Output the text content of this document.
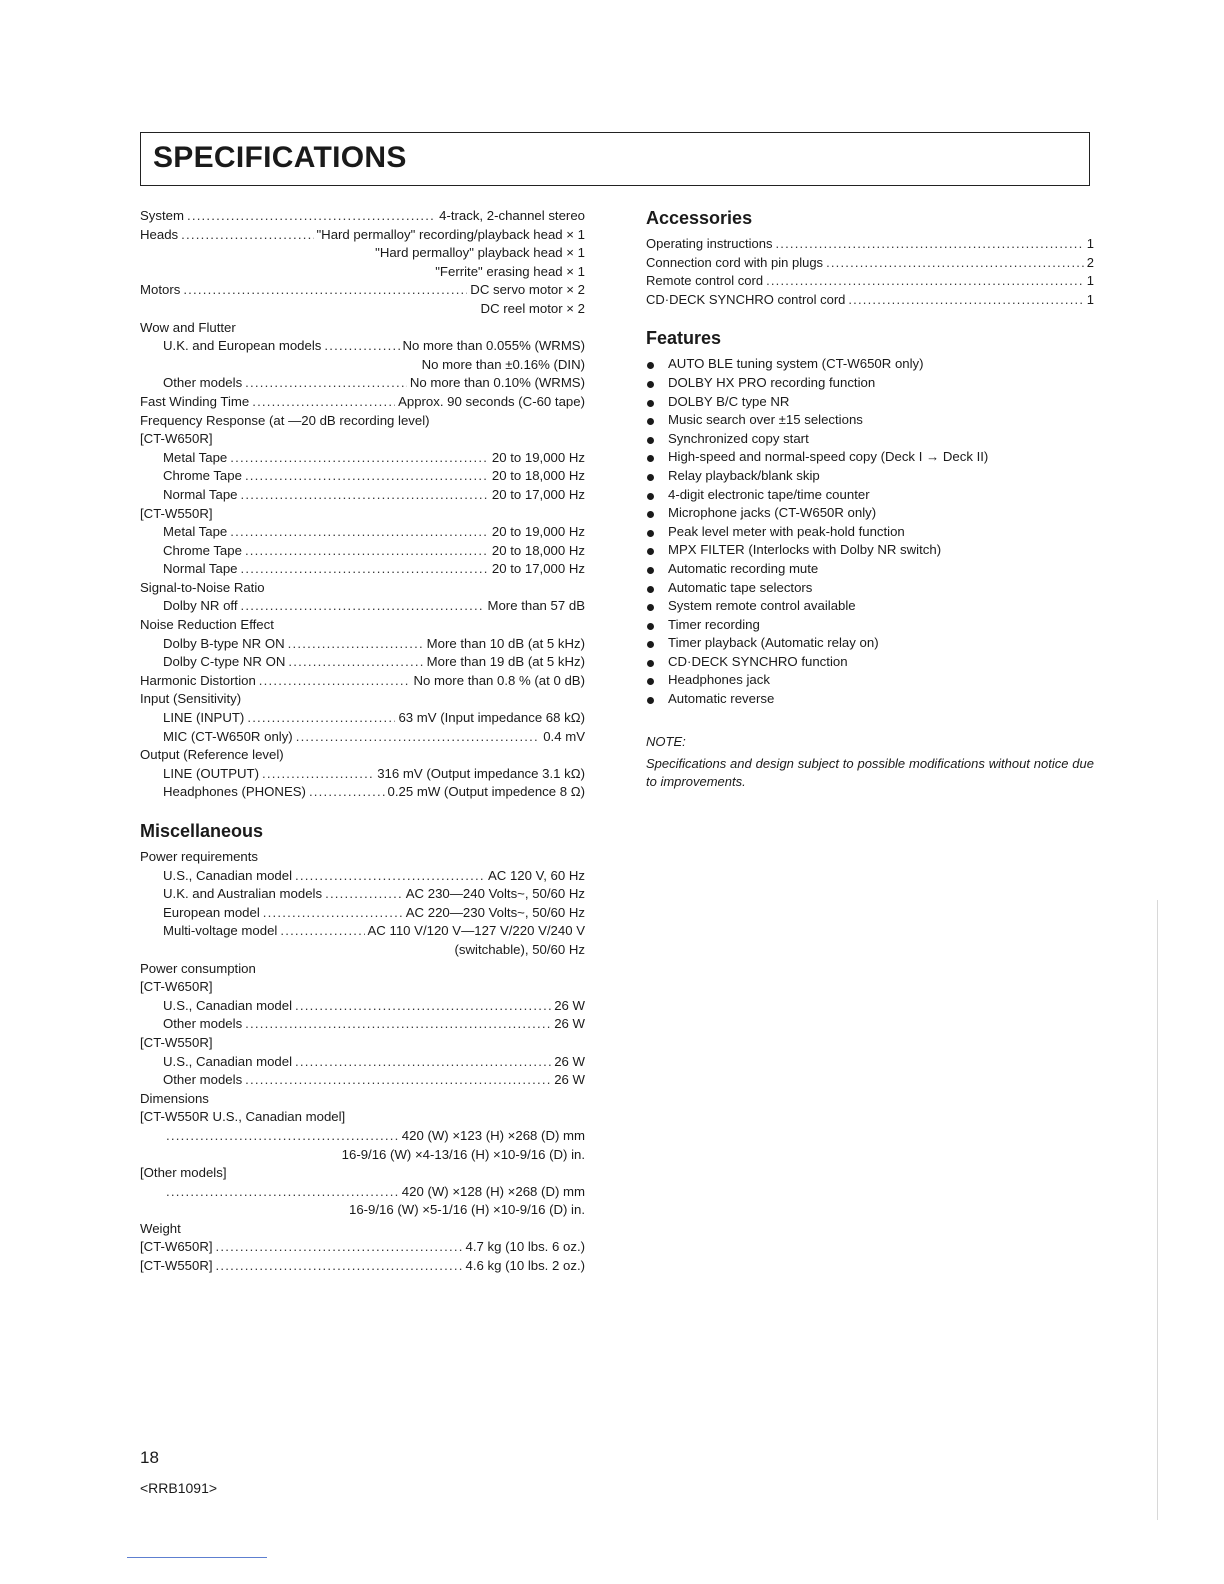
SPECIFICATIONS
System .....	4-track, 2-channel stereo
Heads .....	"Hard permalloy" recording/playback head × 1
"Hard permalloy" playback head × 1
"Ferrite" erasing head × 1
Motors .....	DC servo motor × 2
DC reel motor × 2
Wow and Flutter
U.K. and European models .....	No more than 0.055% (WRMS)
No more than ±0.16% (DIN)
Other models .....	No more than 0.10% (WRMS)
Fast Winding Time .....	Approx. 90 seconds (C-60 tape)
Frequency Response (at —20 dB recording level)
[CT-W650R]
Metal Tape .....	20 to 19,000 Hz
Chrome Tape .....	20 to 18,000 Hz
Normal Tape .....	20 to 17,000 Hz
[CT-W550R]
Metal Tape .....	20 to 19,000 Hz
Chrome Tape .....	20 to 18,000 Hz
Normal Tape .....	20 to 17,000 Hz
Signal-to-Noise Ratio
Dolby NR off .....	More than 57 dB
Noise Reduction Effect
Dolby B-type NR ON .....	More than 10 dB (at 5 kHz)
Dolby C-type NR ON .....	More than 19 dB (at 5 kHz)
Harmonic Distortion .....	No more than 0.8 % (at 0 dB)
Input (Sensitivity)
LINE (INPUT) .....	63 mV (Input impedance 68 kΩ)
MIC (CT-W650R only) .....	0.4 mV
Output (Reference level)
LINE (OUTPUT) .....	316 mV (Output impedance 3.1 kΩ)
Headphones (PHONES) .....	0.25 mW (Output impedence 8 Ω)
Miscellaneous
Power requirements
U.S., Canadian model .....	AC 120 V, 60 Hz
U.K. and Australian models .....	AC 230—240 Volts~, 50/60 Hz
European model .....	AC 220—230 Volts~, 50/60 Hz
Multi-voltage model .....	AC 110 V/120 V—127 V/220 V/240 V
(switchable), 50/60 Hz
Power consumption
[CT-W650R]
U.S., Canadian model .....	26 W
Other models .....	26 W
[CT-W550R]
U.S., Canadian model .....	26 W
Other models .....	26 W
Dimensions
[CT-W550R U.S., Canadian model]
.....
420 (W) ×123 (H) ×268 (D) mm
16-9/16 (W) ×4-13/16 (H) ×10-9/16 (D) in.
[Other models]
.....
420 (W) ×128 (H) ×268 (D) mm
16-9/16 (W) ×5-1/16 (H) ×10-9/16 (D) in.
Weight
[CT-W650R] .....	4.7 kg (10 lbs. 6 oz.)
[CT-W550R] .....	4.6 kg (10 lbs. 2 oz.)
Accessories
Operating instructions .....	1
Connection cord with pin plugs .....	2
Remote control cord .....	1
CD·DECK SYNCHRO control cord .....	1
Features
AUTO BLE tuning system (CT-W650R only)
DOLBY HX PRO recording function
DOLBY B/C type NR
Music search over ±15 selections
Synchronized copy start
High-speed and normal-speed copy (Deck I → Deck II)
Relay playback/blank skip
4-digit electronic tape/time counter
Microphone jacks (CT-W650R only)
Peak level meter with peak-hold function
MPX FILTER (Interlocks with Dolby NR switch)
Automatic recording mute
Automatic tape selectors
System remote control available
Timer recording
Timer playback (Automatic relay on)
CD·DECK SYNCHRO function
Headphones jack
Automatic reverse
NOTE:
Specifications and design subject to possible modifications without notice due to improvements.
18
<RRB1091>
